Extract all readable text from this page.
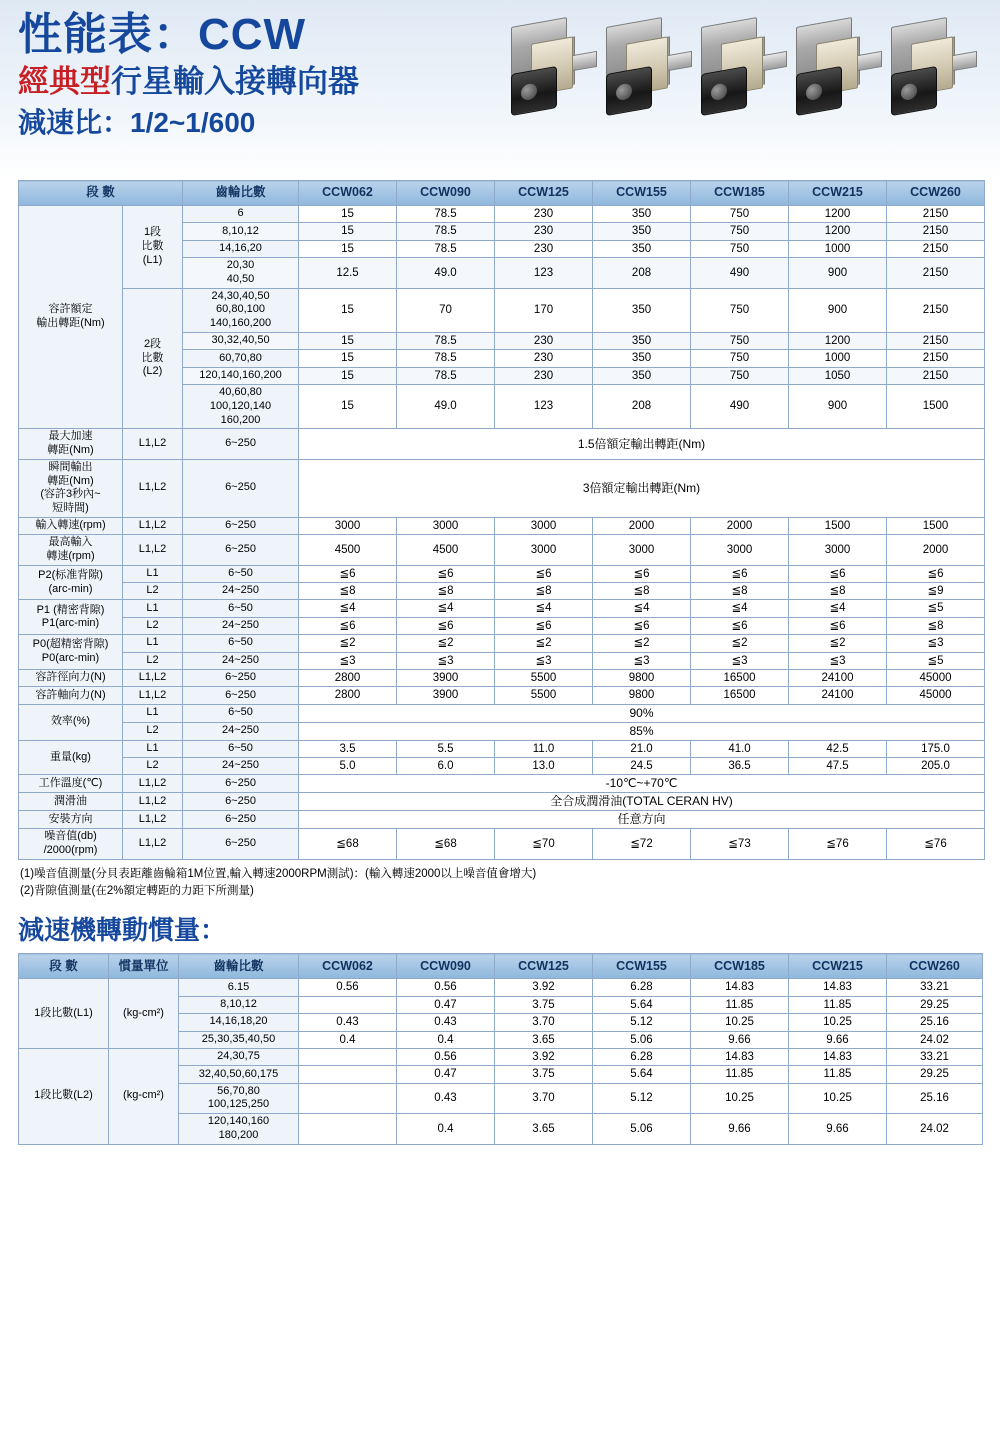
性能表：CCW
經典型行星輸入接轉向器
減速比：1/2~1/600
段 數		齒輪比數	CCW062	CCW090	CCW125	CCW155	CCW185	CCW215	CCW260
容許額定
輸出轉距(Nm)	1段
比數
(L1)	6	15	78.5	230	350	750	1200	2150
		8,10,12	15	78.5	230	350	750	1200	2150
		14,16,20	15	78.5	230	350	750	1000	2150
		20,30
40,50	12.5	49.0	123	208	490	900	2150
	2段
比數
(L2)	24,30,40,50
60,80,100
140,160,200	15	70	170	350	750	900	2150
		30,32,40,50	15	78.5	230	350	750	1200	2150
		60,70,80	15	78.5	230	350	750	1000	2150
		120,140,160,200	15	78.5	230	350	750	1050	2150
		40,60,80
100,120,140
160,200	15	49.0	123	208	490	900	1500
最大加速
轉距(Nm)	L1,L2	6~250	1.5倍額定輸出轉距(Nm)						
瞬間輸出
轉距(Nm)
(容許3秒內~
短時間)	L1,L2	6~250	3倍額定輸出轉距(Nm)						
輸入轉速(rpm)	L1,L2	6~250	3000	3000	3000	2000	2000	1500	1500
最高輸入
轉速(rpm)	L1,L2	6~250	4500	4500	3000	3000	3000	3000	2000
P2(标准背隙)
(arc-min)	L1	6~50	≦6	≦6	≦6	≦6	≦6	≦6	≦6
	L2	24~250	≦8	≦8	≦8	≦8	≦8	≦8	≦9
P1 (精密背隙)
P1(arc-min)	L1	6~50	≦4	≦4	≦4	≦4	≦4	≦4	≦5
	L2	24~250	≦6	≦6	≦6	≦6	≦6	≦6	≦8
P0(超精密背隙)
P0(arc-min)	L1	6~50	≦2	≦2	≦2	≦2	≦2	≦2	≦3
	L2	24~250	≦3	≦3	≦3	≦3	≦3	≦3	≦5
容許徑向力(N)	L1,L2	6~250	2800	3900	5500	9800	16500	24100	45000
容許軸向力(N)	L1,L2	6~250	2800	3900	5500	9800	16500	24100	45000
效率(%)	L1	6~50	90%						
	L2	24~250	85%						
重量(kg)	L1	6~50	3.5	5.5	11.0	21.0	41.0	42.5	175.0
	L2	24~250	5.0	6.0	13.0	24.5	36.5	47.5	205.0
工作溫度(℃)	L1,L2	6~250	-10℃~+70℃						
潤滑油	L1,L2	6~250	全合成潤滑油(TOTAL CERAN HV)						
安裝方向	L1,L2	6~250	任意方向						
噪音值(db)
/2000(rpm)	L1,L2	6~250	≦68	≦68	≦70	≦72	≦73	≦76	≦76
(1)噪音值測量(分貝表距離齒輪箱1M位置,輸入轉速2000RPM測試)：(輸入轉速2000以上噪音值會增大)
(2)背隙值測量(在2%額定轉距的力距下所測量)
減速機轉動慣量：
段 數	慣量單位	齒輪比數	CCW062	CCW090	CCW125	CCW155	CCW185	CCW215	CCW260
1段比數(L1)	(kg-cm²)	6.15	0.56	0.56	3.92	6.28	14.83	14.83	33.21
		8,10,12		0.47	3.75	5.64	11.85	11.85	29.25
		14,16,18,20	0.43	0.43	3.70	5.12	10.25	10.25	25.16
		25,30,35,40,50	0.4	0.4	3.65	5.06	9.66	9.66	24.02
1段比數(L2)	(kg-cm²)	24,30,75		0.56	3.92	6.28	14.83	14.83	33.21
		32,40,50,60,175		0.47	3.75	5.64	11.85	11.85	29.25
		56,70,80
100,125,250		0.43	3.70	5.12	10.25	10.25	25.16
		120,140,160
180,200		0.4	3.65	5.06	9.66	9.66	24.02
